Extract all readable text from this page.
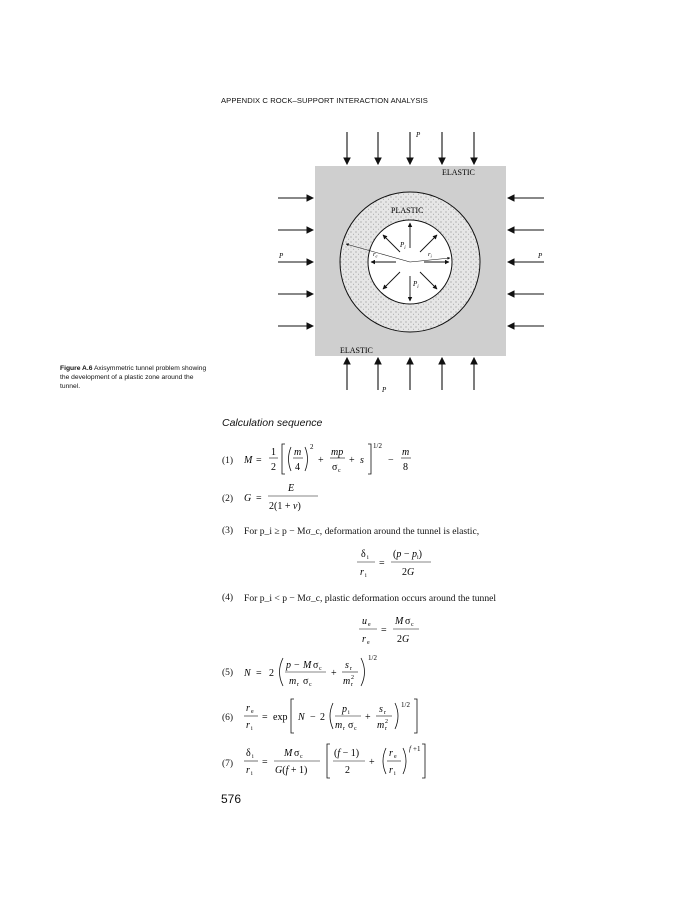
APPENDIX C ROCK–SUPPORT INTERACTION ANALYSIS
ELASTIC
ELASTIC
PLASTIC
P
P
P	P
$P_i$
$P_i$
$r_e$	$r_i$
Figure A.6 Axisymmetric tunnel problem showing the development of a plastic zone around the tunnel.
Calculation sequence
(1) M =
1
2
m
4
2
+
mp
σ c
+ s
1/2
−
m
8
(2) G =
E
2(1 + ν)
(3) For p_i ≥ p − Mσ_c, deformation around the tunnel is elastic,
δ i
r i
=
$(p - p_i)$
2G
(4) For p_i < p − Mσ_c, plastic deformation occurs around the tunnel
u e
r e
=
M σ c
2G
(5) N = 2
p − M σ c
m r σ c
+
s r
m r
2
1/2
(6)
r e
r i
= exp N − 2
p i
m r σ c
+
s r
m r
2
1/2
(7)
δ i
r i
=
M σ c
G(f + 1)
(f − 1)
2
+
r e
r i
f +1
576
